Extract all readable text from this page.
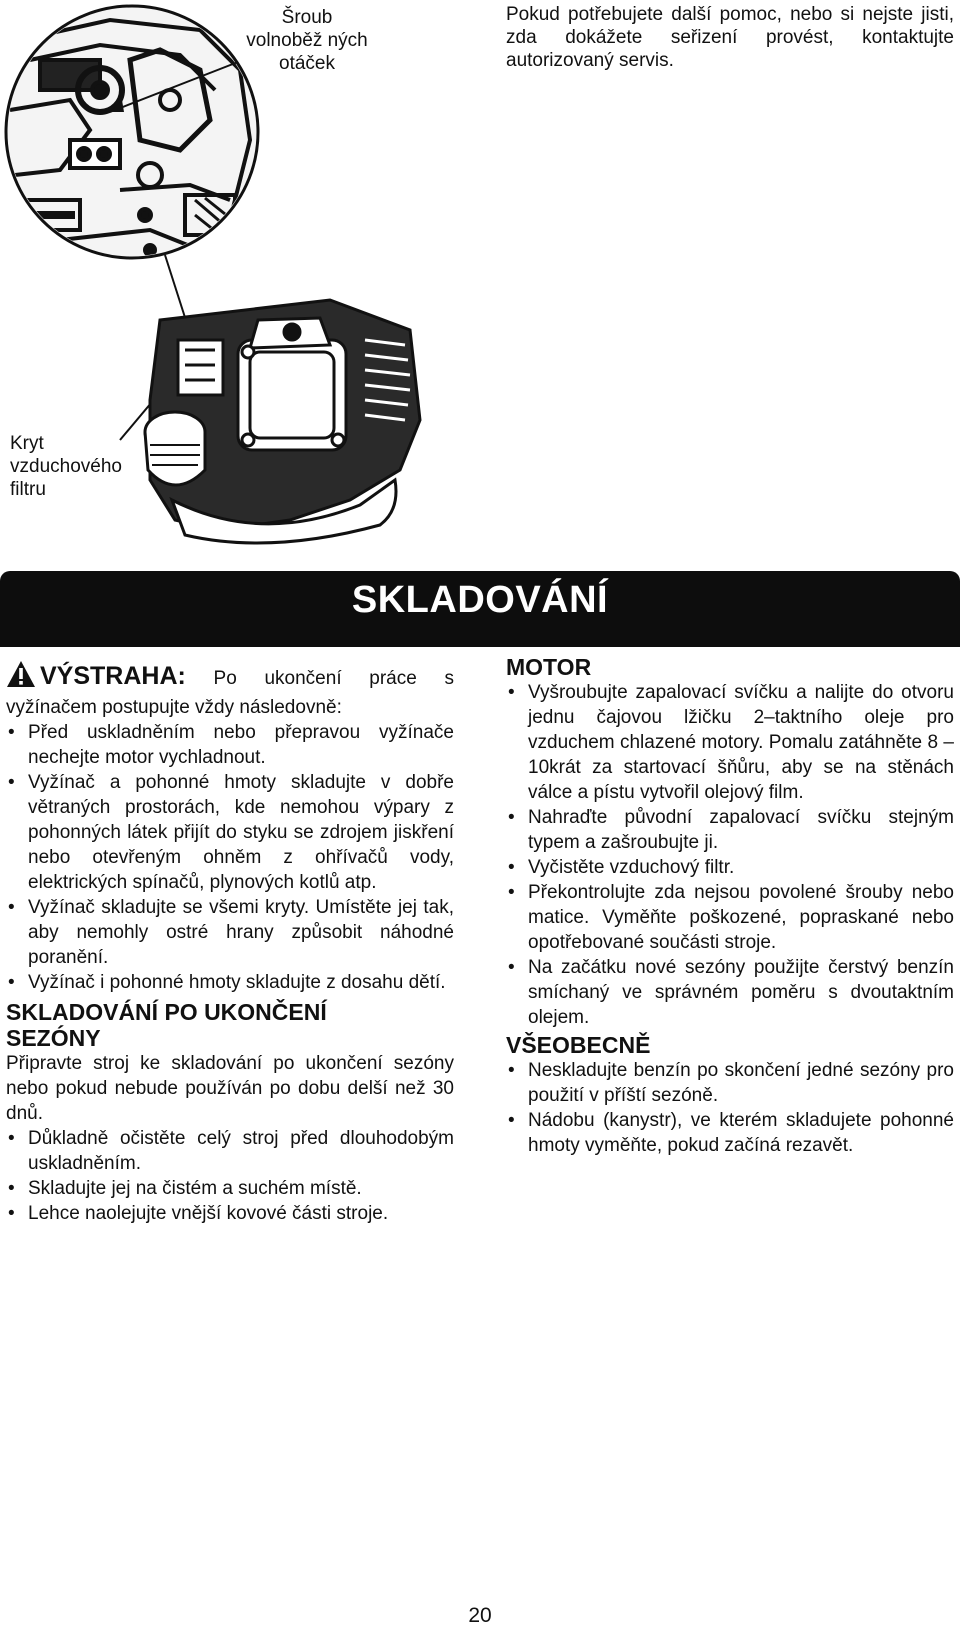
Šroub volnoběž ných otáček
Kryt vzduchového filtru
Pokud potřebujete další pomoc, nebo si nejste jisti, zda dokážete seřizení provést, kontaktujte autorizovaný servis.
SKLADOVÁNÍ
VÝSTRAHA: Po ukončení práce s vyžínačem postupujte vždy následovně:
• Před uskladněním nebo přepravou vyžínače nechejte motor vychladnout.
• Vyžínač a pohonné hmoty skladujte v dobře větraných prostorách, kde nemohou výpary z pohonných látek přijít do styku se zdrojem jiskření nebo otevřeným ohněm z ohřívačů vody, elektrických spínačů, plynových kotlů atp.
• Vyžínač skladujte se všemi kryty. Umístěte jej tak, aby nemohly ostré hrany způsobit náhodné poranění.
• Vyžínač i pohonné hmoty skladujte z dosahu dětí.
SKLADOVÁNÍ PO UKONČENÍ SEZÓNY

Připravte stroj ke skladování po ukončení sezóny nebo pokud nebude používán po dobu delší než 30 dnů.

• Důkladně očistěte celý stroj před dlouhodobým uskladněním.
• Skladujte jej na čistém a suchém místě.
• Lehce naolejujte vnější kovové části stroje.
MOTOR
• Vyšroubujte zapalovací svíčku a nalijte do otvoru jednu čajovou lžičku 2–taktního oleje pro vzduchem chlazené motory. Pomalu zatáhněte 8 – 10krát za startovací šňůru, aby se na stěnách válce a pístu vytvořil olejový film.
• Nahraďte původní zapalovací svíčku stejným typem a zašroubujte ji.
• Vyčistěte vzduchový filtr.
• Překontrolujte zda nejsou povolené šrouby nebo matice. Vyměňte poškozené, popraskané nebo opotřebované součásti stroje.
• Na začátku nové sezóny použijte čerstvý benzín smíchaný ve správném poměru s dvoutaktním olejem.
VŠEOBECNĚ
• Neskladujte benzín po skončení jedné sezóny pro použití v příští sezóně.
• Nádobu (kanystr), ve kterém skladujete pohonné hmoty vyměňte, pokud začíná rezavět.
20
